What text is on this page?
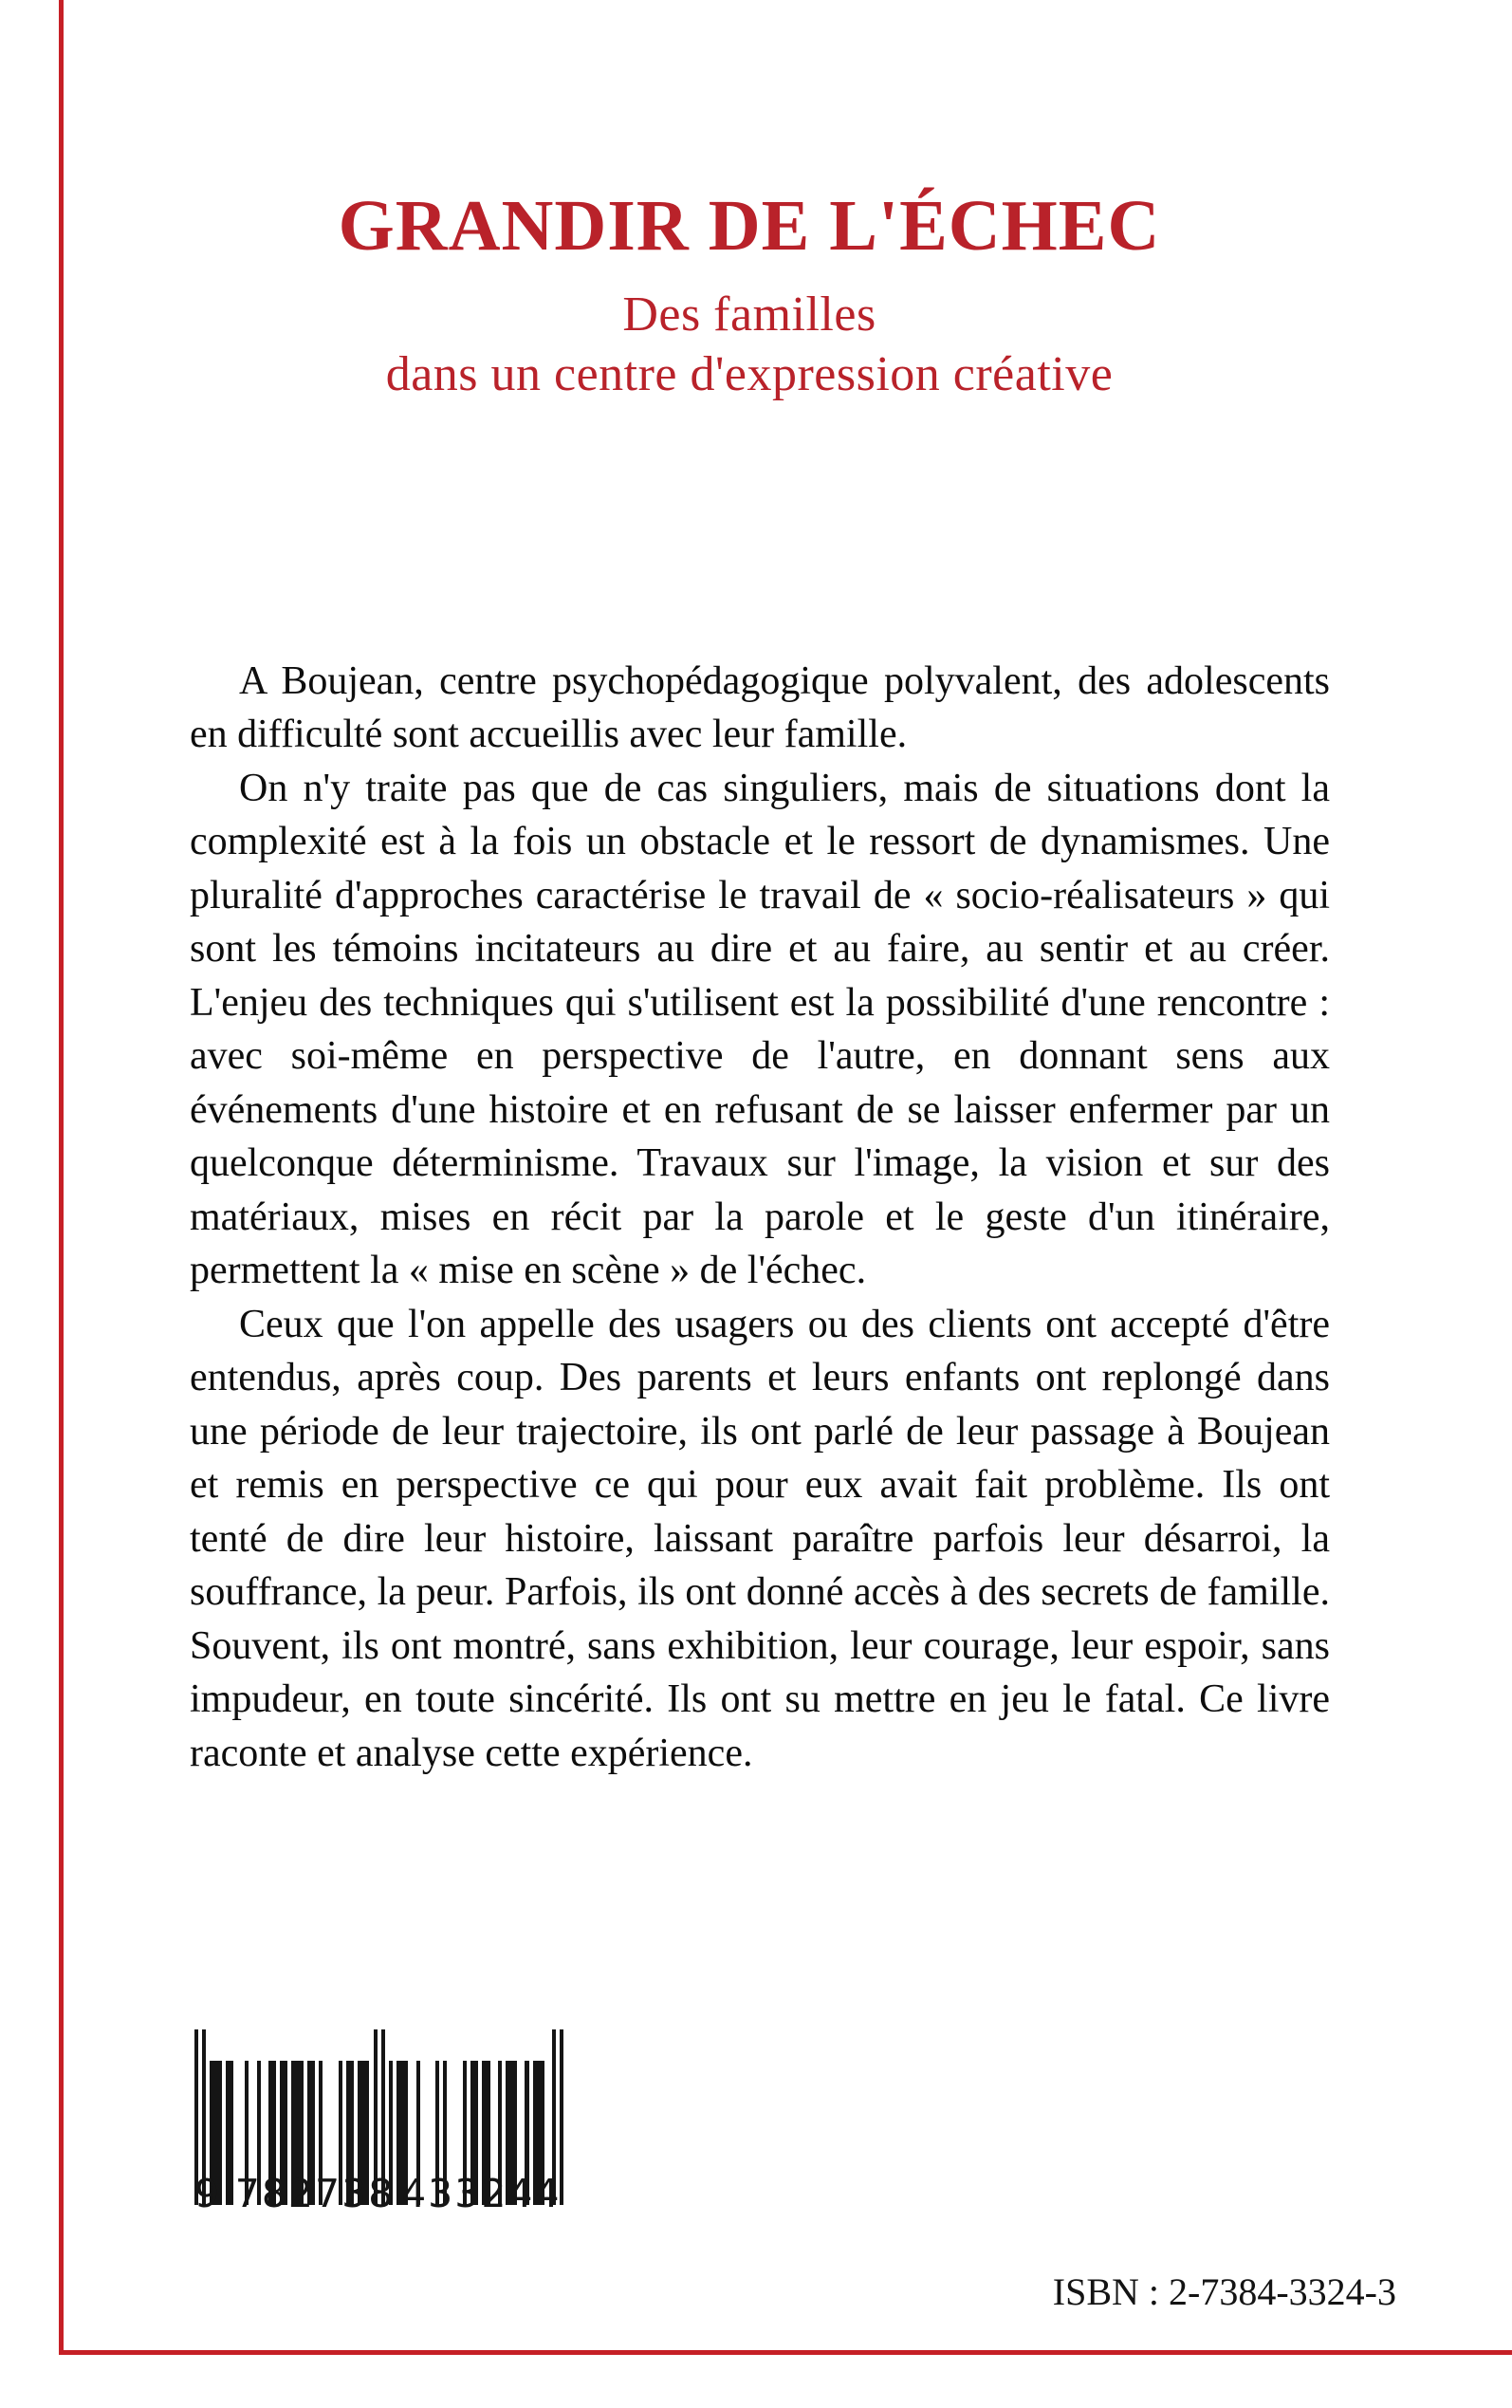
GRANDIR DE L'ÉCHEC
Des familles
dans un centre d'expression créative

A Boujean, centre psychopédagogique polyvalent, des adolescents en difficulté sont accueillis avec leur famille.

On n'y traite pas que de cas singuliers, mais de situations dont la complexité est à la fois un obstacle et le ressort de dynamismes. Une pluralité d'approches caractérise le travail de « socio-réalisateurs » qui sont les témoins incitateurs au dire et au faire, au sentir et au créer. L'enjeu des techniques qui s'utilisent est la possibilité d'une rencontre : avec soi-même en perspective de l'autre, en donnant sens aux événements d'une histoire et en refusant de se laisser enfermer par un quelconque déterminisme. Travaux sur l'image, la vision et sur des matériaux, mises en récit par la parole et le geste d'un itinéraire, permettent la « mise en scène » de l'échec.

Ceux que l'on appelle des usagers ou des clients ont accepté d'être entendus, après coup. Des parents et leurs enfants ont replongé dans une période de leur trajectoire, ils ont parlé de leur passage à Boujean et remis en perspective ce qui pour eux avait fait problème. Ils ont tenté de dire leur histoire, laissant paraître parfois leur désarroi, la souffrance, la peur. Parfois, ils ont donné accès à des secrets de famille. Souvent, ils ont montré, sans exhibition, leur courage, leur espoir, sans impudeur, en toute sincérité. Ils ont su mettre en jeu le fatal. Ce livre raconte et analyse cette expérience.

9 782738 433244
ISBN : 2-7384-3324-3
